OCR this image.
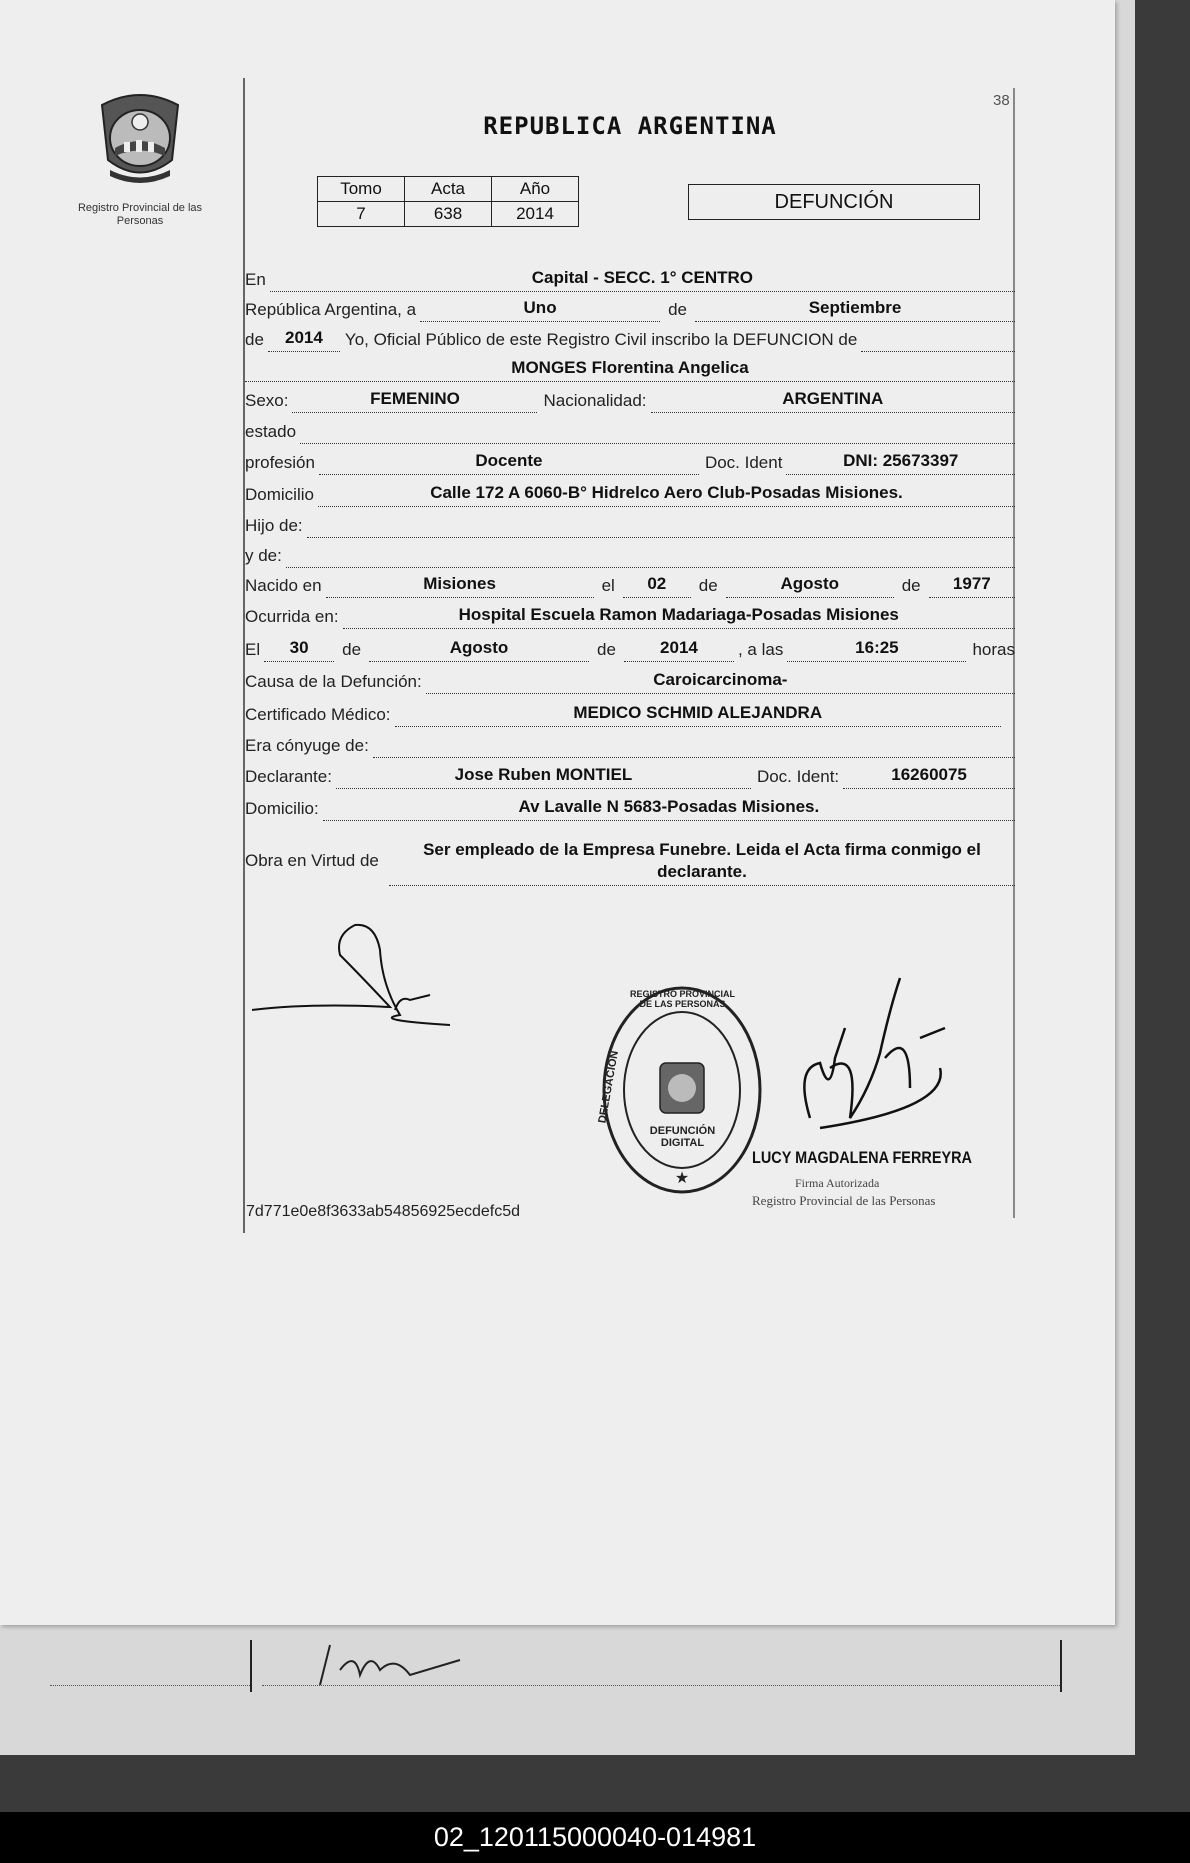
Registro Provincial de las Personas
38
REPUBLICA ARGENTINA
Tomo	Acta	Año
7	638	2014
DEFUNCIÓN
En	Capital - SECC. 1° CENTRO
República Argentina, a	Uno	de	Septiembre
de	2014	Yo, Oficial Público de este Registro Civil inscribo la DEFUNCION de
MONGES Florentina Angelica
Sexo:	FEMENINO	Nacionalidad:	ARGENTINA
estado
profesión	Docente	Doc. Ident	DNI: 25673397
Domicilio	Calle 172 A 6060-B° Hidrelco Aero Club-Posadas Misiones.
Hijo de:
y de:
Nacido en	Misiones	el	02	de	Agosto	de	1977
Ocurrida en:	Hospital Escuela Ramon Madariaga-Posadas Misiones
El	30	de	Agosto	de	2014	, a las	16:25	horas
Causa de la Defunción:	Caroicarcinoma-
Certificado Médico:	MEDICO SCHMID ALEJANDRA
Era cónyuge de:
Declarante:	Jose Ruben MONTIEL	Doc. Ident:	16260075
Domicilio:	Av Lavalle N 5683-Posadas Misiones.
Obra en Virtud de
Ser empleado de la Empresa Funebre. Leida el Acta firma conmigo el declarante.
★
REGISTRO PROVINCIAL DE LAS PERSONAS
DELEGACIÓN
DEFUNCIÓN DIGITAL
LUCY MAGDALENA FERREYRA
Firma Autorizada
Registro Provincial de las Personas
7d771e0e8f3633ab54856925ecdefc5d
02_120115000040-014981
